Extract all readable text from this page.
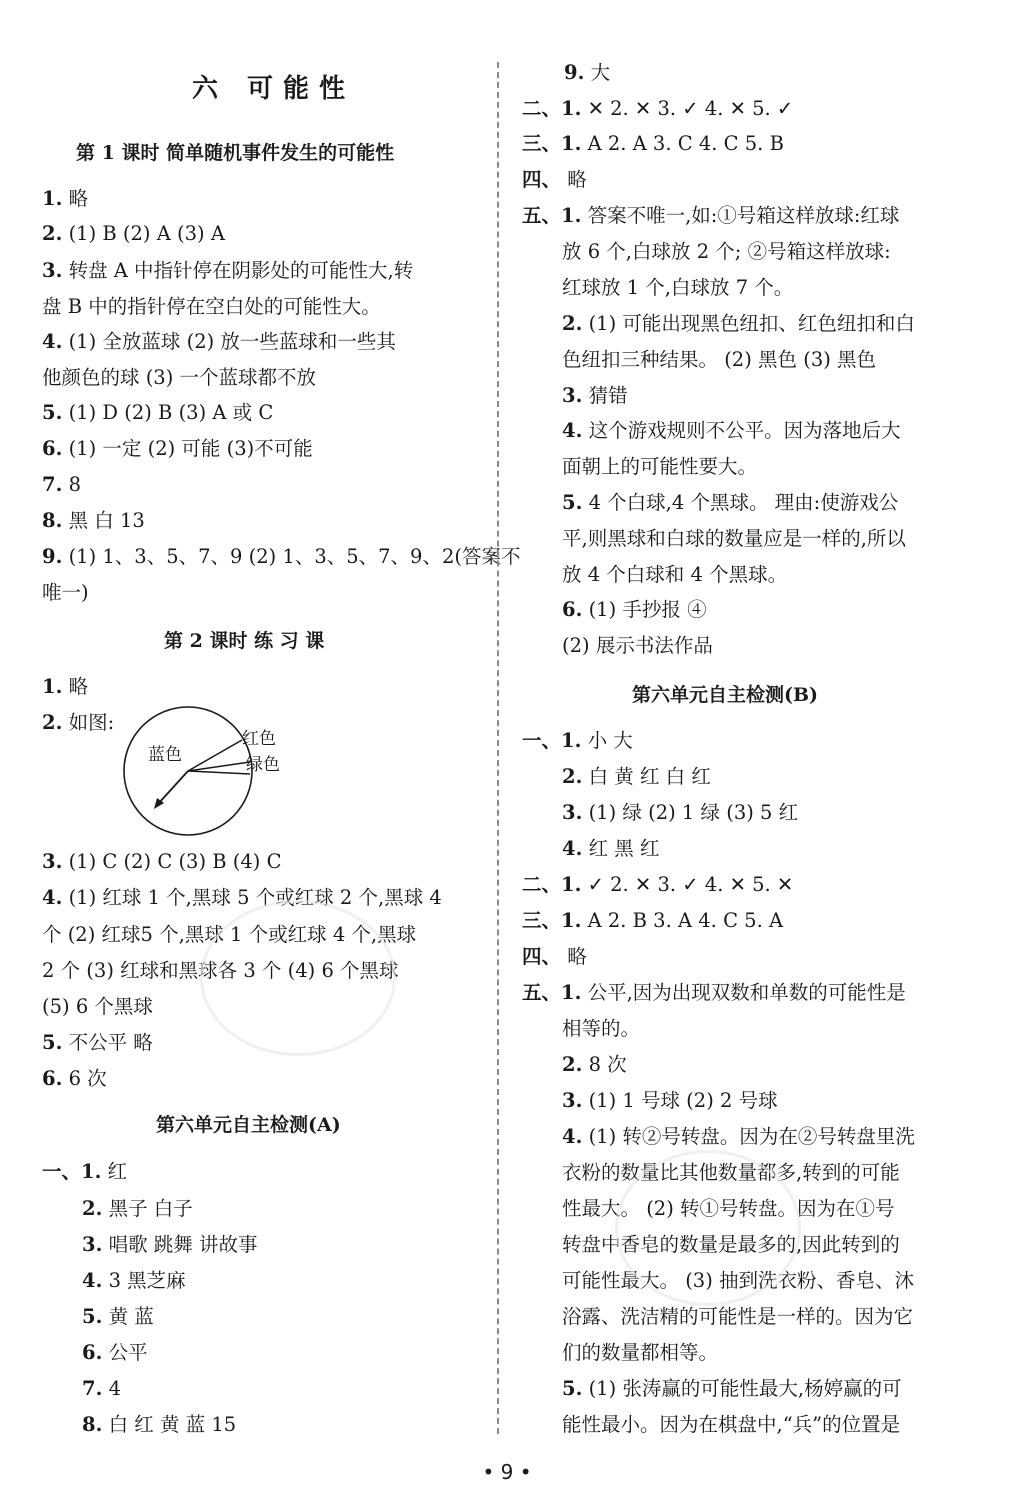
六 可能性
第 1 课时 简单随机事件发生的可能性
1. 略
2. (1) B (2) A (3) A
3. 转盘 A 中指针停在阴影处的可能性大,转
盘 B 中的指针停在空白处的可能性大。
4. (1) 全放蓝球 (2) 放一些蓝球和一些其
他颜色的球 (3) 一个蓝球都不放
5. (1) D (2) B (3) A 或 C
6. (1) 一定 (2) 可能 (3)不可能
7. 8
8. 黑 白 13
9. (1) 1、3、5、7、9 (2) 1、3、5、7、9、2(答案不
唯一)
第 2 课时 练 习 课
1. 略
2. 如图:
3. (1) C (2) C (3) B (4) C
4. (1) 红球 1 个,黑球 5 个或红球 2 个,黑球 4
个 (2) 红球5 个,黑球 1 个或红球 4 个,黑球
2 个 (3) 红球和黑球各 3 个 (4) 6 个黑球
(5) 6 个黑球
5. 不公平 略
6. 6 次
第六单元自主检测(A)
一、1. 红
2. 黑子 白子
3. 唱歌 跳舞 讲故事
4. 3 黑芝麻
5. 黄 蓝
6. 公平
7. 4
8. 白 红 黄 蓝 15
9. 大
二、1. ✕ 2. ✕ 3. ✓ 4. ✕ 5. ✓
三、1. A 2. A 3. C 4. C 5. B
四、 略
五、1. 答案不唯一,如:①号箱这样放球:红球
放 6 个,白球放 2 个; ②号箱这样放球:
红球放 1 个,白球放 7 个。
2. (1) 可能出现黑色纽扣、红色纽扣和白
色纽扣三种结果。 (2) 黑色 (3) 黑色
3. 猜错
4. 这个游戏规则不公平。因为落地后大
面朝上的可能性要大。
5. 4 个白球,4 个黑球。 理由:使游戏公
平,则黑球和白球的数量应是一样的,所以
放 4 个白球和 4 个黑球。
6. (1) 手抄报 ④
(2) 展示书法作品
第六单元自主检测(B)
一、1. 小 大
2. 白 黄 红 白 红
3. (1) 绿 (2) 1 绿 (3) 5 红
4. 红 黑 红
二、1. ✓ 2. ✕ 3. ✓ 4. ✕ 5. ✕
三、1. A 2. B 3. A 4. C 5. A
四、 略
五、1. 公平,因为出现双数和单数的可能性是
相等的。
2. 8 次
3. (1) 1 号球 (2) 2 号球
4. (1) 转②号转盘。因为在②号转盘里洗
衣粉的数量比其他数量都多,转到的可能
性最大。 (2) 转①号转盘。因为在①号
转盘中香皂的数量是最多的,因此转到的
可能性最大。 (3) 抽到洗衣粉、香皂、沐
浴露、洗洁精的可能性是一样的。因为它
们的数量都相等。
5. (1) 张涛赢的可能性最大,杨婷赢的可
能性最小。因为在棋盘中,“兵”的位置是
蓝色
红色
绿色
• 9 •
